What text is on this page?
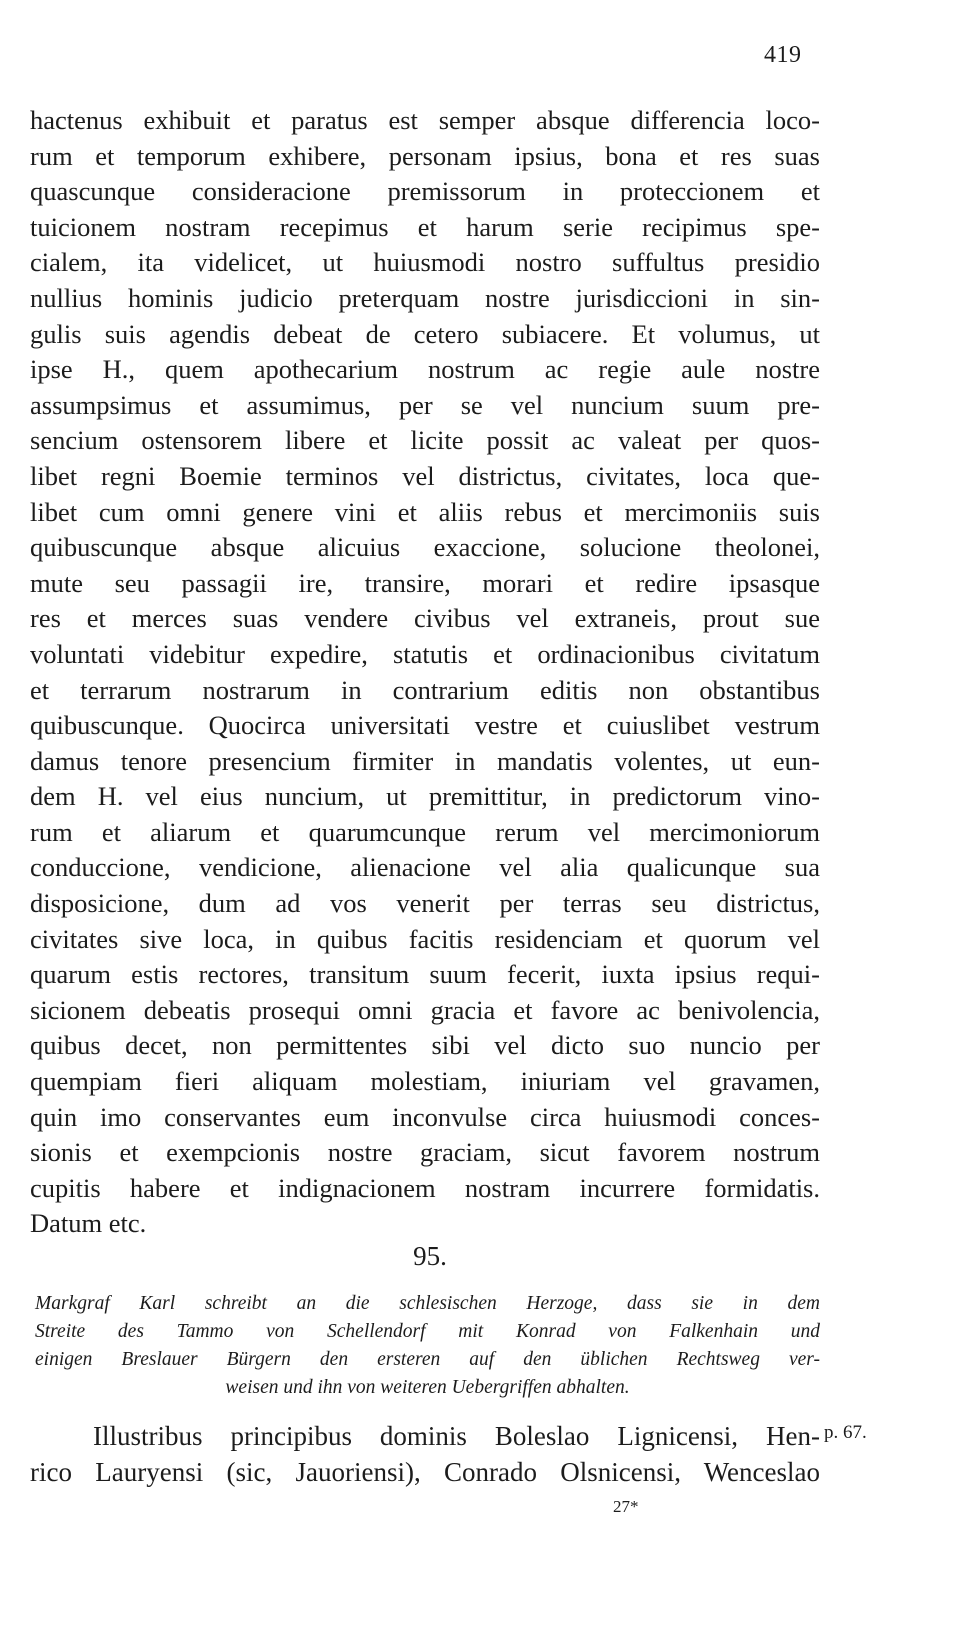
419
hactenus exhibuit et paratus est semper absque differencia loco-
rum et temporum exhibere, personam ipsius, bona et res suas
quascunque consideracione premissorum in proteccionem et
tuicionem nostram recepimus et harum serie recipimus spe-
cialem, ita videlicet, ut huiusmodi nostro suffultus presidio
nullius hominis judicio preterquam nostre jurisdiccioni in sin-
gulis suis agendis debeat de cetero subiacere. Et volumus, ut
ipse H., quem apothecarium nostrum ac regie aule nostre
assumpsimus et assumimus, per se vel nuncium suum pre-
sencium ostensorem libere et licite possit ac valeat per quos-
libet regni Boemie terminos vel districtus, civitates, loca que-
libet cum omni genere vini et aliis rebus et mercimoniis suis
quibuscunque absque alicuius exaccione, solucione theolonei,
mute seu passagii ire, transire, morari et redire ipsasque
res et merces suas vendere civibus vel extraneis, prout sue
voluntati videbitur expedire, statutis et ordinacionibus civitatum
et terrarum nostrarum in contrarium editis non obstantibus
quibuscunque. Quocirca universitati vestre et cuiuslibet vestrum
damus tenore presencium firmiter in mandatis volentes, ut eun-
dem H. vel eius nuncium, ut premittitur, in predictorum vino-
rum et aliarum et quarumcunque rerum vel mercimoniorum
conduccione, vendicione, alienacione vel alia qualicunque sua
disposicione, dum ad vos venerit per terras seu districtus,
civitates sive loca, in quibus facitis residenciam et quorum vel
quarum estis rectores, transitum suum fecerit, iuxta ipsius requi-
sicionem debeatis prosequi omni gracia et favore ac benivolencia,
quibus decet, non permittentes sibi vel dicto suo nuncio per
quempiam fieri aliquam molestiam, iniuriam vel gravamen,
quin imo conservantes eum inconvulse circa huiusmodi conces-
sionis et exempcionis nostre graciam, sicut favorem nostrum
cupitis habere et indignacionem nostram incurrere formidatis.
Datum etc.
95.
Markgraf Karl schreibt an die schlesischen Herzoge, dass sie in dem
Streite des Tammo von Schellendorf mit Konrad von Falkenhain und
einigen Breslauer Bürgern den ersteren auf den üblichen Rechtsweg ver-
weisen und ihn von weiteren Uebergriffen abhalten.
Illustribus principibus dominis Boleslao Lignicensi, Hen-
rico Lauryensi (sic, Jauoriensi), Conrado Olsnicensi, Wenceslao
p. 67.
27*
